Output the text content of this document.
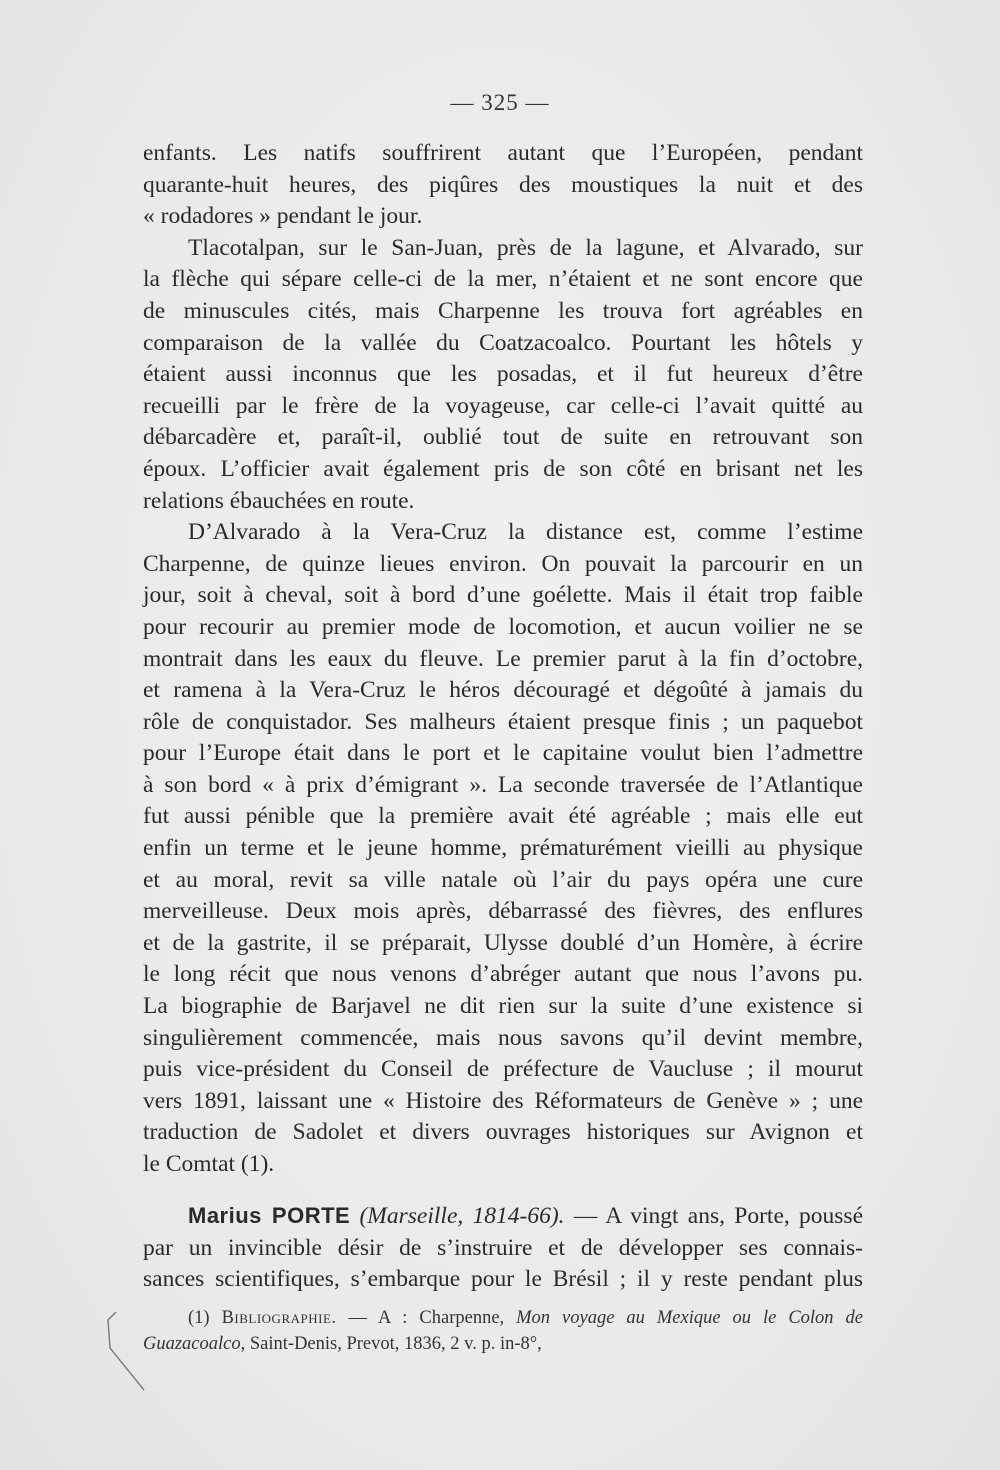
— 325 —
enfants. Les natifs souffrirent autant que l’Européen, pendant
quarante-huit heures, des piqûres des moustiques la nuit et des
« rodadores » pendant le jour.
Tlacotalpan, sur le San-Juan, près de la lagune, et Alvarado, sur
la flèche qui sépare celle-ci de la mer, n’étaient et ne sont encore que
de minuscules cités, mais Charpenne les trouva fort agréables en
comparaison de la vallée du Coatzacoalco. Pourtant les hôtels y
étaient aussi inconnus que les posadas, et il fut heureux d’être
recueilli par le frère de la voyageuse, car celle-ci l’avait quitté au
débarcadère et, paraît-il, oublié tout de suite en retrouvant son
époux. L’officier avait également pris de son côté en brisant net les
relations ébauchées en route.
D’Alvarado à la Vera-Cruz la distance est, comme l’estime
Charpenne, de quinze lieues environ. On pouvait la parcourir en un
jour, soit à cheval, soit à bord d’une goélette. Mais il était trop faible
pour recourir au premier mode de locomotion, et aucun voilier ne se
montrait dans les eaux du fleuve. Le premier parut à la fin d’octobre,
et ramena à la Vera-Cruz le héros découragé et dégoûté à jamais du
rôle de conquistador. Ses malheurs étaient presque finis ; un paquebot
pour l’Europe était dans le port et le capitaine voulut bien l’admettre
à son bord « à prix d’émigrant ». La seconde traversée de l’Atlantique
fut aussi pénible que la première avait été agréable ; mais elle eut
enfin un terme et le jeune homme, prématurément vieilli au physique
et au moral, revit sa ville natale où l’air du pays opéra une cure
merveilleuse. Deux mois après, débarrassé des fièvres, des enflures
et de la gastrite, il se préparait, Ulysse doublé d’un Homère, à écrire
le long récit que nous venons d’abréger autant que nous l’avons pu.
La biographie de Barjavel ne dit rien sur la suite d’une existence si
singulièrement commencée, mais nous savons qu’il devint membre,
puis vice-président du Conseil de préfecture de Vaucluse ; il mourut
vers 1891, laissant une « Histoire des Réformateurs de Genève » ; une
traduction de Sadolet et divers ouvrages historiques sur Avignon et
le Comtat (1).
Marius PORTE (Marseille, 1814-66). — A vingt ans, Porte, poussé
par un invincible désir de s’instruire et de développer ses connais-
sances scientifiques, s’embarque pour le Brésil ; il y reste pendant plus
(1) Bibliographie. — A : Charpenne, Mon voyage au Mexique ou le Colon de
Guazacoalco, Saint-Denis, Prevot, 1836, 2 v. p. in-8°,
